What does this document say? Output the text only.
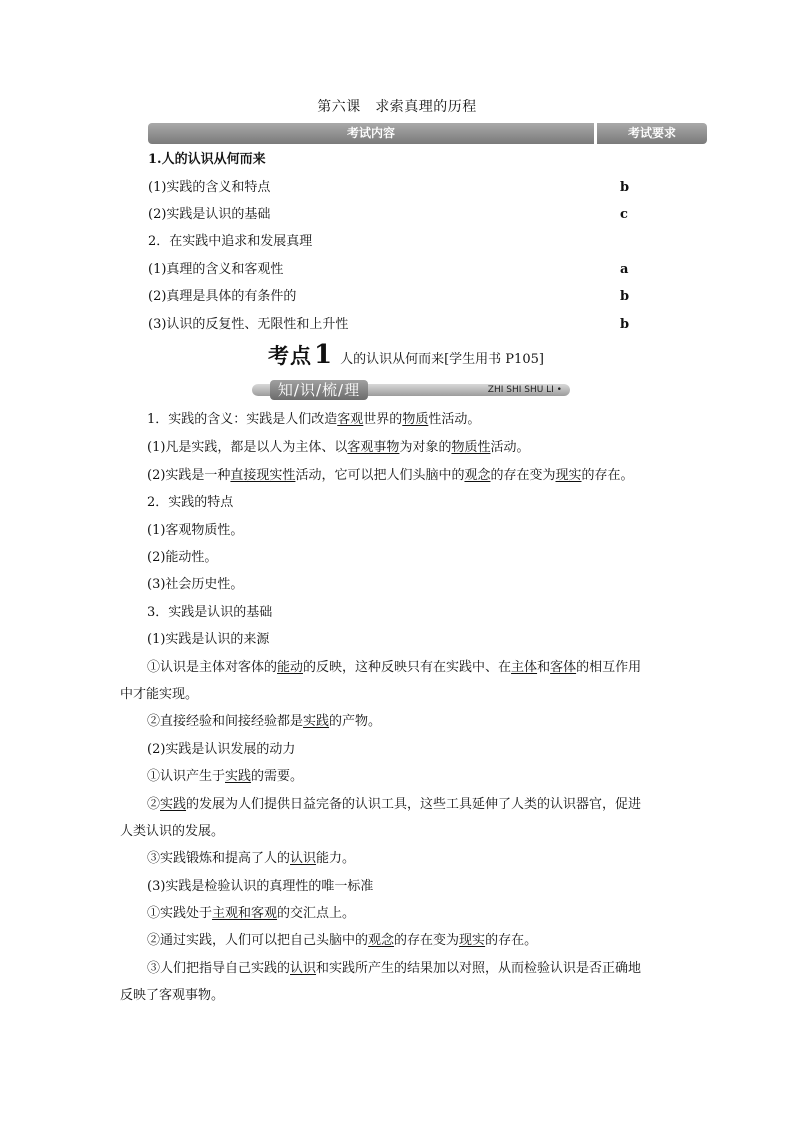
第六课　求索真理的历程
考试内容	考试要求
1.人的认识从何而来
(1)实践的含义和特点	b
(2)实践是认识的基础	c
2．在实践中追求和发展真理
(1)真理的含义和客观性	a
(2)真理是具体的有条件的	b
(3)认识的反复性、无限性和上升性	b
考点1 人的认识从何而来[学生用书 P105]
知/识/梳/理	ZHI SHI SHU LI •
1．实践的含义：实践是人们改造客观世界的物质性活动。
(1)凡是实践，都是以人为主体、以客观事物为对象的物质性活动。
(2)实践是一种直接现实性活动，它可以把人们头脑中的观念的存在变为现实的存在。
2．实践的特点
(1)客观物质性。
(2)能动性。
(3)社会历史性。
3．实践是认识的基础
(1)实践是认识的来源
①认识是主体对客体的能动的反映，这种反映只有在实践中、在主体和客体的相互作用
中才能实现。
②直接经验和间接经验都是实践的产物。
(2)实践是认识发展的动力
①认识产生于实践的需要。
②实践的发展为人们提供日益完备的认识工具，这些工具延伸了人类的认识器官，促进
人类认识的发展。
③实践锻炼和提高了人的认识能力。
(3)实践是检验认识的真理性的唯一标准
①实践处于主观和客观的交汇点上。
②通过实践，人们可以把自己头脑中的观念的存在变为现实的存在。
③人们把指导自己实践的认识和实践所产生的结果加以对照，从而检验认识是否正确地
反映了客观事物。
